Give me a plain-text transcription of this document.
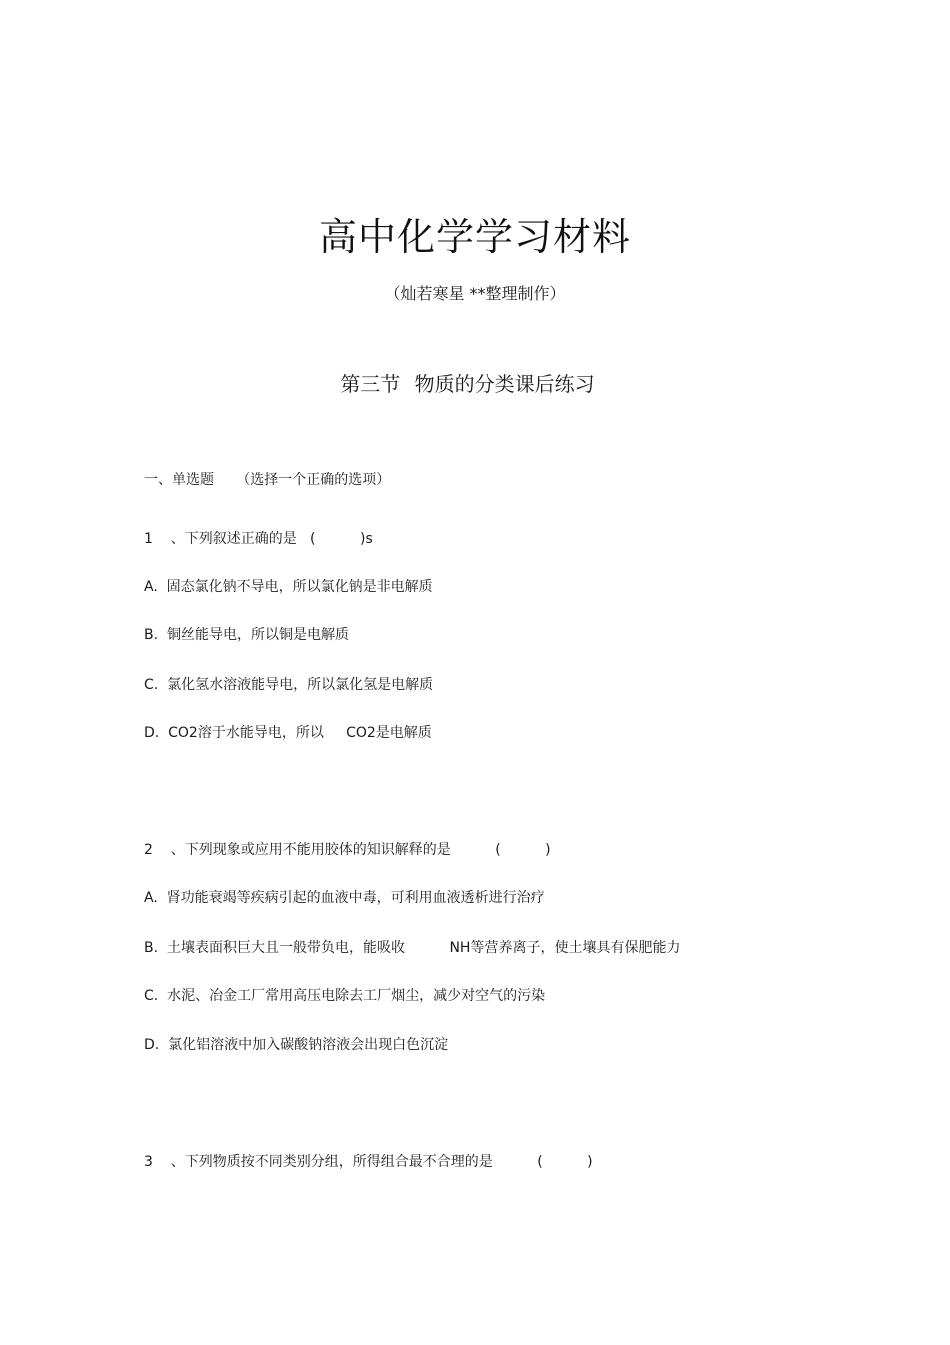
高中化学学习材料
（灿若寒星 **整理制作）
第三节 物质的分类课后练习
一、单选题     （选择一个正确的选项）
1    、下列叙述正确的是   (          )s
A.  固态氯化钠不导电，所以氯化钠是非电解质
B.  铜丝能导电，所以铜是电解质
C.  氯化氢水溶液能导电，所以氯化氢是电解质
D.  CO2溶于水能导电，所以     CO2是电解质
2    、下列现象或应用不能用胶体的知识解释的是          (          )
A.  肾功能衰竭等疾病引起的血液中毒，可利用血液透析进行治疗
B.  土壤表面积巨大且一般带负电，能吸收          NH等营养离子，使土壤具有保肥能力
C.  水泥、冶金工厂常用高压电除去工厂烟尘，减少对空气的污染
D.  氯化铝溶液中加入碳酸钠溶液会出现白色沉淀
3    、下列物质按不同类别分组，所得组合最不合理的是          (          )
